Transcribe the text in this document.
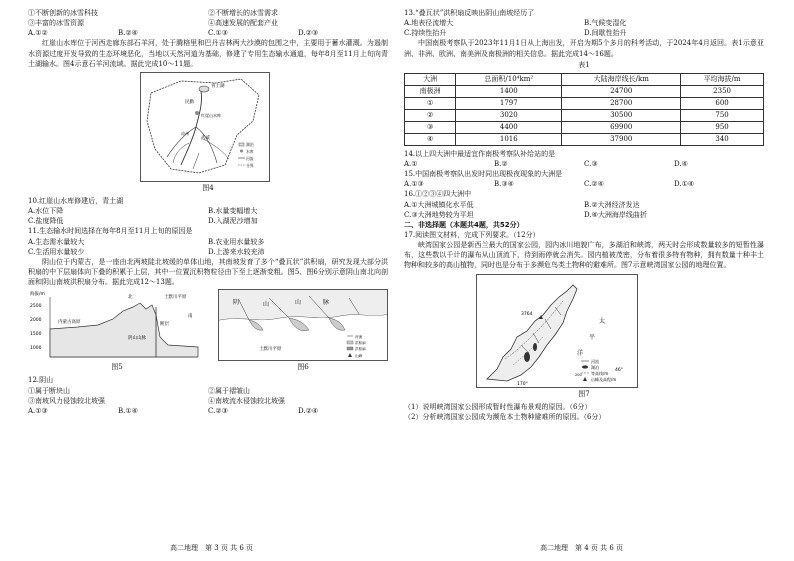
①不断创新的冰雪科技	②不断增长的冰雪需求
③丰富的冰雪资源	④高速发展的配套产业
A.①②	B.②④	C.①③	D.②③

红崖山水库位于河西走廊东部石羊河，处于腾格里和巴丹吉林两大沙漠的包围之中，主要用于蓄水灌溉。为遏制水资源过度开发导致的生态环境恶化，当地以天然河道为基础，修建了专用生态输水通道，每年8月至11月上旬向青土湖输水。图4示意石羊河流域。据此完成10～11题。

青土湖
民勤
红崖山水库
武威
凉州
湖泊
水库
河流
分界
图4
10.红崖山水库修建后，青土湖
A.水位下降	B.水量变幅增大
C.盐度降低	D.入湖泥沙增加
11.生态输水时间选择在每年8月至11月上旬的原因是
A.生态需水量较大	B.农业用水量较多
C.生活用水量较少	D.上游来水较充沛

阴山位于内蒙古，是一座由北两坡陡北坡缓的单体山地，其南坡发育了多个“叠瓦状”洪积扇，研究发现大部分洪积扇的中下层扇体向下叠的积累于上层，其中一位置沉积物粒径由下至上逐渐变粗。图5、图6分别示意阴山南北向剖面和阴山南坡洪积扇分布。据此完成12～13题。

海拔/m
2500
2000
1500
1000
北	土默川平原
南
内蒙古高原	断层
阴山山脉
图5
阴	山	山	脉
土默川平原
河流
洪积扇
洪积扇
山峰
图6
12.阴山
①属于断块山	②属于褶皱山
③南坡风力侵蚀较北坡强	④南坡流水侵蚀较北坡强
A.①③	B.①④	C.②③	D.②④
高二地理　第 3 页 共 6 页
13.“叠瓦状”洪积扇反映出阴山南坡经历了
A.地表径流增大	B.气候变湿化
C.持续性抬升	D.间歇性抬升

中国南极考察队于2023年11月1日从上海出发，开启为期5个多月的科考活动，于2024年4月返回。表1示意亚洲、非洲、欧洲、南美洲及南极洲的相关信息。据此完成14～16题。

表1
大洲	总面积/10⁴km²	大陆海岸线长/km	平均海拔/m
南极洲	1400	24700	2350
①	1797	28700	600
②	3020	30500	750
③	4400	69900	950
④	1016	37900	340
14.以上四大洲中最适宜作南极考察队补给站的是
A.①	B.②	C.③	D.④
15.中国南极考察队出发时同出现极夜现象的大洲是
A.①③	B.③④	C.②④	D.①④
16.①②③④四大洲中
A.①大洲城镇化水平低	B.②大洲经济发达
C.③大洲地势较为平坦	D.④大洲海岸线曲折
二、非选择题（本题共4题，共52分）
17.阅读图文材料，完成下列要求。（12分）

峡湾国家公园是新西兰最大的国家公园，园内冰川地貌广布，多湖泊和峡湾，两天时会形成数量较多的短暂性瀑布，这些数以千计的瀑布从山顶流下，待到雨停就会消失。园内植被茂密，分布着很多特有物种，拥有数量十种丰土物种和较多的高山植物，同时也是分布于多濒危鸟类土物种的避难所。图7示意峡湾国家公园的地理位置。

3764
太
平
洋
46°
170°
河流
湖泊
200 等高线/m
山峰及高程/m
图7
（1）说明峡湾国家公园形成暂时性瀑布景观的原因。（6分）
（2）分析峡湾国家公园成为濒危本土物种避难所的原因。（6分）
高二地理　第 4 页 共 6 页
